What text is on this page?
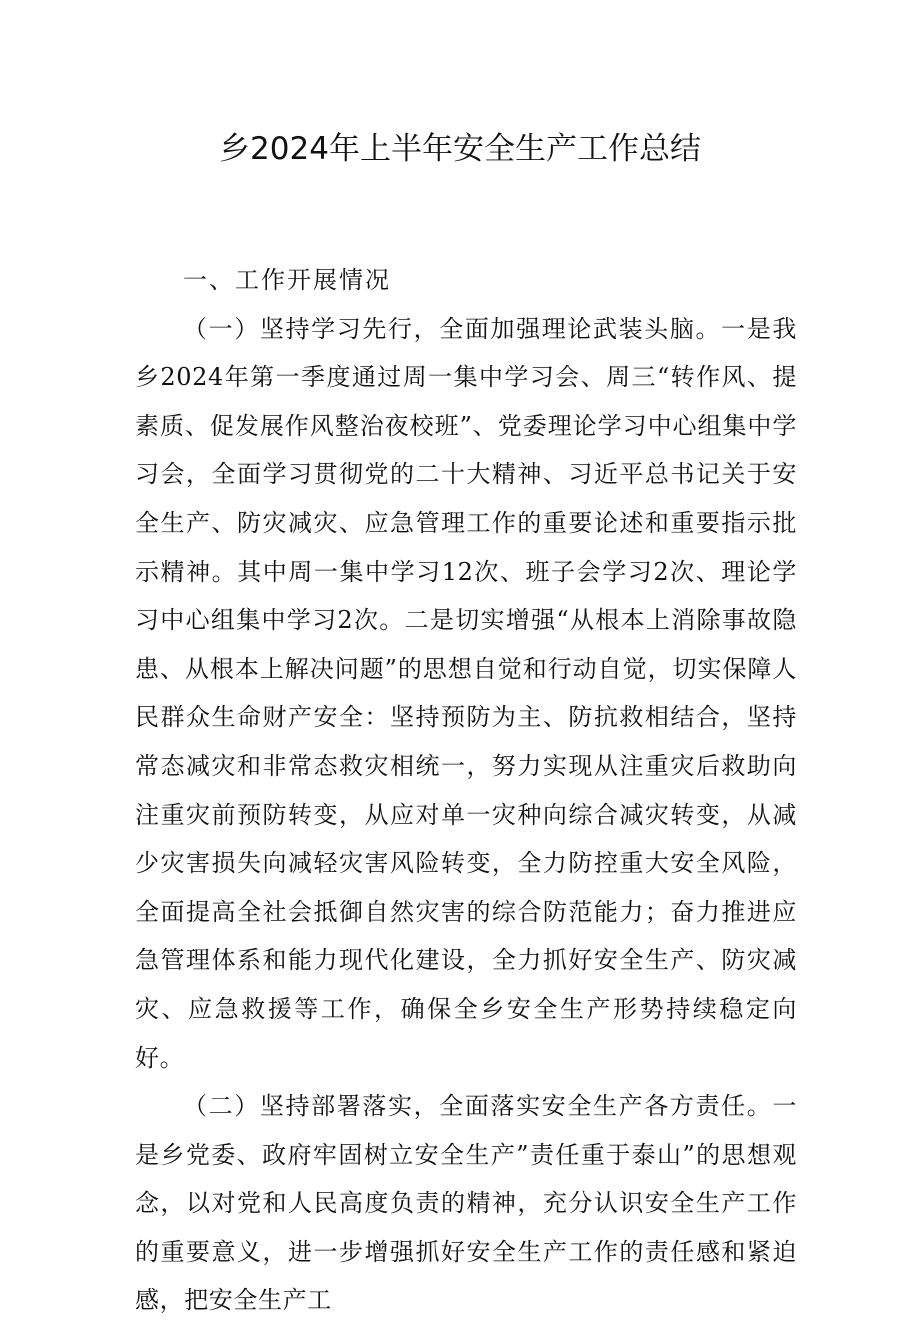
乡2024年上半年安全生产工作总结

一、工作开展情况

（一）坚持学习先行，全面加强理论武装头脑。一是我乡2024年第一季度通过周一集中学习会、周三“转作风、提素质、促发展作风整治夜校班”、党委理论学习中心组集中学习会，全面学习贯彻党的二十大精神、习近平总书记关于安全生产、防灾减灾、应急管理工作的重要论述和重要指示批示精神。其中周一集中学习12次、班子会学习2次、理论学习中心组集中学习2次。二是切实增强“从根本上消除事故隐患、从根本上解决问题”的思想自觉和行动自觉，切实保障人民群众生命财产安全：坚持预防为主、防抗救相结合，坚持常态减灾和非常态救灾相统一，努力实现从注重灾后救助向注重灾前预防转变，从应对单一灾种向综合减灾转变，从减少灾害损失向减轻灾害风险转变，全力防控重大安全风险，全面提高全社会抵御自然灾害的综合防范能力；奋力推进应急管理体系和能力现代化建设，全力抓好安全生产、防灾减灾、应急救援等工作，确保全乡安全生产形势持续稳定向好。

（二）坚持部署落实，全面落实安全生产各方责任。一是乡党委、政府牢固树立安全生产”责任重于泰山”的思想观念，以对党和人民高度负责的精神，充分认识安全生产工作的重要意义，进一步增强抓好安全生产工作的责任感和紧迫感，把安全生产工
